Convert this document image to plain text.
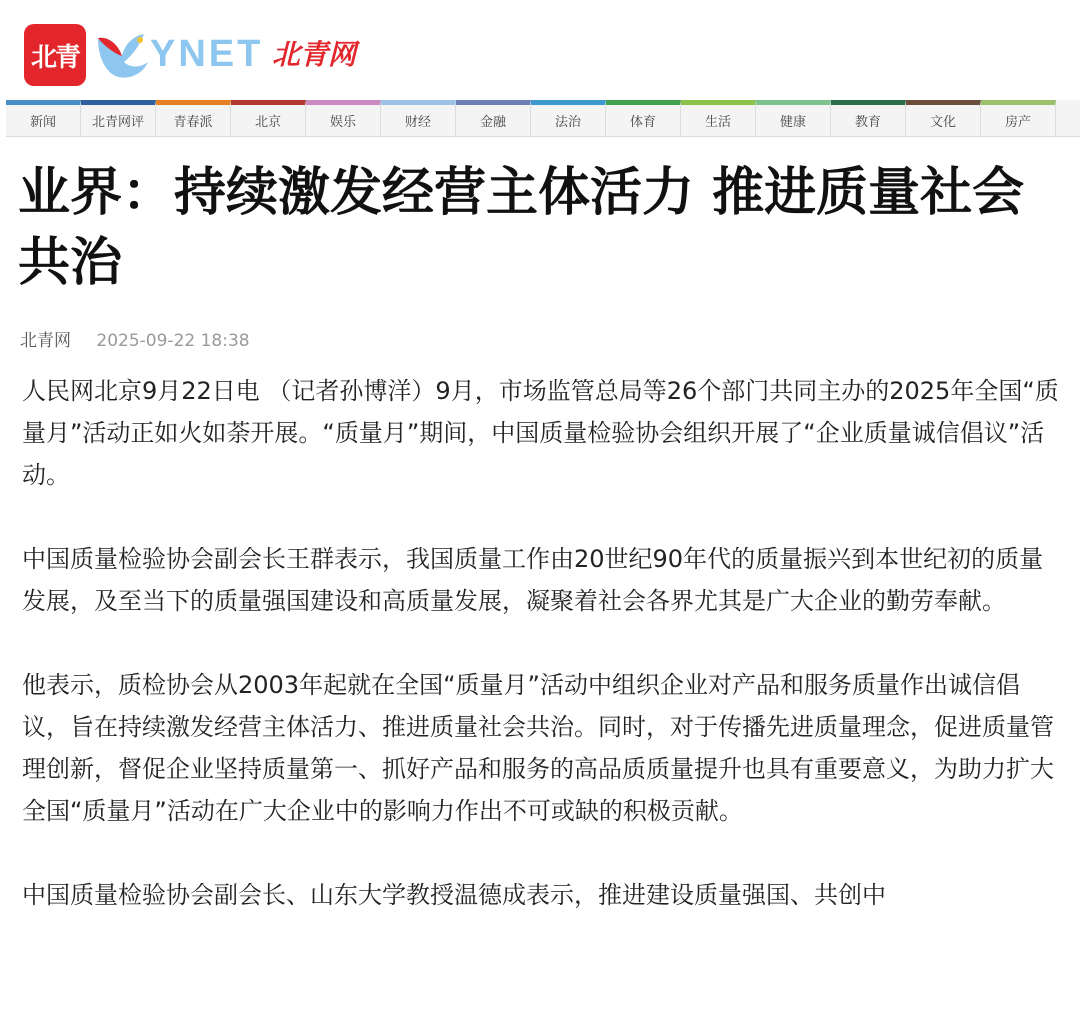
北青 YNET 北青网
新闻	北青网评	青春派	北京	娱乐	财经	金融	法治	体育	生活	健康	教育	文化	房产
业界：持续激发经营主体活力 推进质量社会共治
北青网 2025-09-22 18:38

人民网北京9月22日电 （记者孙博洋）9月，市场监管总局等26个部门共同主办的2025年全国“质量月”活动正如火如荼开展。“质量月”期间，中国质量检验协会组织开展了“企业质量诚信倡议”活动。

中国质量检验协会副会长王群表示，我国质量工作由20世纪90年代的质量振兴到本世纪初的质量发展，及至当下的质量强国建设和高质量发展，凝聚着社会各界尤其是广大企业的勤劳奉献。

他表示，质检协会从2003年起就在全国“质量月”活动中组织企业对产品和服务质量作出诚信倡议，旨在持续激发经营主体活力、推进质量社会共治。同时，对于传播先进质量理念，促进质量管理创新，督促企业坚持质量第一、抓好产品和服务的高品质质量提升也具有重要意义，为助力扩大全国“质量月”活动在广大企业中的影响力作出不可或缺的积极贡献。

中国质量检验协会副会长、山东大学教授温德成表示，推进建设质量强国、共创中
